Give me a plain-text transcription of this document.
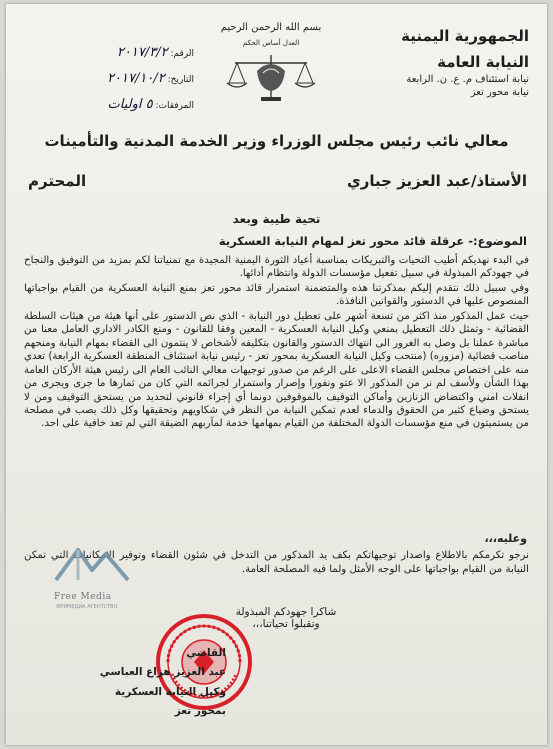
الجمهورية اليمنية
النيابة العامة
نيابة استئناف م. ع. ن. الرابعة
نيابة محور تعز
بسم الله الرحمن الرحيم
العدل أساس الحكم
الرقم: ٢٠١٧/٣/٢
التاريخ: ٢٠١٧/١٠/٢
المرفقات: ٥ اوليات
معالي نائب رئيس مجلس الوزراء وزير الخدمة المدنية والتأمينات
الأستاذ/عبد العزيز جباري
المحترم
تحية طيبة وبعد
الموضوع:- عرقلة قائد محور تعز لمهام النيابة العسكرية

في البدء نهديكم أطيب التحيات والتبريكات بمناسبة أعياد الثورة اليمنية المجيدة مع تمنياتنا لكم بمزيد من التوفيق والنجاح في جهودكم المبذولة في سبيل تفعيل مؤسسات الدولة وانتظام أدائها.

وفي سبيل ذلك نتقدم إليكم بمذكرتنا هذه والمتضمنة استمرار قائد محور تعز بمنع النيابة العسكرية من القيام بواجباتها المنصوص عليها في الدستور والقوانين النافذة.

حيث عمل المذكور منذ اكثر من تسعة أشهر على تعطيل دور النيابة - الذي نص الدستور على أنها هيئة من هيئات السلطة القضائية - وتمثل ذلك التعطيل بمنعي وكيل النيابة العسكرية - المعين وفقا للقانون - ومنع الكادر الاداري العامل معنا من مباشرة عملنا بل وصل به الغرور الى انتهاك الدستور والقانون بتكليفه لأشخاص لا ينتمون الى القضاء بمهام النيابة ومنحهم مناصب قضائية (مزوره) (منتحب وكيل النيابة العسكرية بمحور تعز - رئيس نيابة استئناف المنطقة العسكرية الرابعة) تعدي منه على اختصاص مجلس القضاء الاعلى على الرغم من صدور توجيهات معالي النائب العام الى رئيس هيئة الأركان العامة بهذا الشأن ولأسف لم نر من المذكور الا عتو ونفورا وإصرار واستمرار لجرائمه التي كان من ثمارها ما جرى ويجرى من انفلات امني واكتضاض الزنازين وأماكن التوقيف بالموقوفين دونما أي إجراء قانوني لتحديد من يستحق التوقيف ومن لا يستحق وضياع كثير من الحقوق والدماء لعدم تمكين النيابة من النظر في شكاويهم وتحقيقها وكل ذلك يصب في مصلحة من يستميتون في منع مؤسسات الدولة المختلفة من القيام بمهامها خدمة لمآربهم الضيقة التي لم تعد خافية على احد.

وعليه،،،
نرجو تكرمكم بالاطلاع واصدار توجيهاتكم بكف يد المذكور من التدخل في شئون القضاء وتوفير الامكانيات التي تمكن النيابة من القيام بواجباتها على الوجه الأمثل ولما فيه المصلحة العامة.
شاكرا جهودكم المبذولة
وتقبلوا تحياتنا،،،
Free Media
ФРИМЕДИА АГЕНТСТВО
القاضي
عبد العزيز هزاع العباسي
وكيل النيابة العسكرية
بمحور تعز
